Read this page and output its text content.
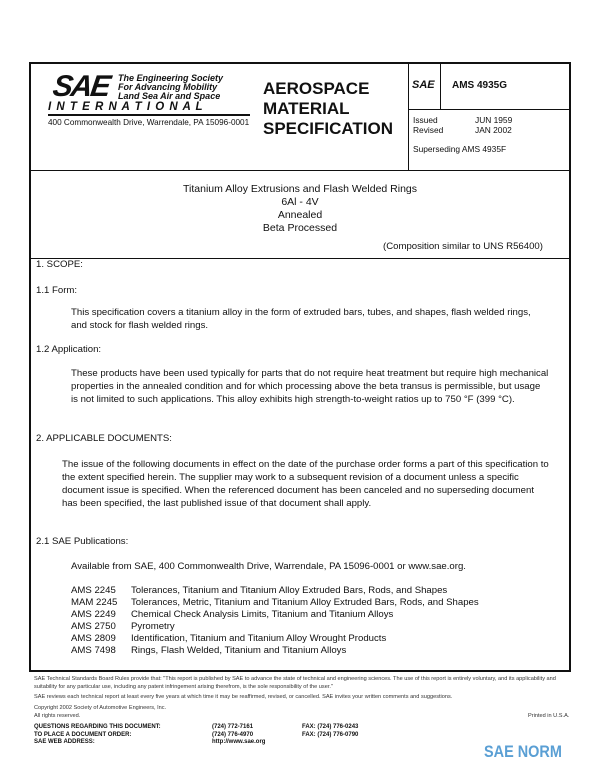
SAE The Engineering Society
For Advancing Mobility
Land Sea Air and Space
I N T E R N A T I O N A L
400 Commonwealth Drive, Warrendale, PA 15096-0001
AEROSPACE
MATERIAL
SPECIFICATION
SAE AMS 4935G
Issued	JUN 1959
Revised	JAN 2002
Superseding AMS 4935F
Titanium Alloy Extrusions and Flash Welded Rings
6Al - 4V
Annealed
Beta Processed
(Composition similar to UNS R56400)
1. SCOPE:
1.1 Form:
This specification covers a titanium alloy in the form of extruded bars, tubes, and shapes, flash welded rings, and stock for flash welded rings.
1.2 Application:
These products have been used typically for parts that do not require heat treatment but require high mechanical properties in the annealed condition and for which processing above the beta transus is permissible, but usage is not limited to such applications. This alloy exhibits high strength-to-weight ratios up to 750 °F (399 °C).
2. APPLICABLE DOCUMENTS:
The issue of the following documents in effect on the date of the purchase order forms a part of this specification to the extent specified herein. The supplier may work to a subsequent revision of a document unless a specific document issue is specified. When the referenced document has been canceled and no superseding document has been specified, the last published issue of that document shall apply.
2.1 SAE Publications:
Available from SAE, 400 Commonwealth Drive, Warrendale, PA 15096-0001 or www.sae.org.
AMS 2245 Tolerances, Titanium and Titanium Alloy Extruded Bars, Rods, and Shapes
MAM 2245 Tolerances, Metric, Titanium and Titanium Alloy Extruded Bars, Rods, and Shapes
AMS 2249 Chemical Check Analysis Limits, Titanium and Titanium Alloys
AMS 2750 Pyrometry
AMS 2809 Identification, Titanium and Titanium Alloy Wrought Products
AMS 7498 Rings, Flash Welded, Titanium and Titanium Alloys
SAE Technical Standards Board Rules provide that: "This report is published by SAE to advance the state of technical and engineering sciences. The use of this report is entirely voluntary, and its applicability and suitability for any particular use, including any patent infringement arising therefrom, is the sole responsibility of the user."
SAE reviews each technical report at least every five years at which time it may be reaffirmed, revised, or cancelled. SAE invites your written comments and suggestions.
Copyright 2002 Society of Automotive Engineers, Inc.
All rights reserved.	Printed in U.S.A.
QUESTIONS REGARDING THIS DOCUMENT:	(724) 772-7161	FAX: (724) 776-0243
TO PLACE A DOCUMENT ORDER:	(724) 776-4970	FAX: (724) 776-0790
SAE WEB ADDRESS:	http://www.sae.org	SAE NORM
